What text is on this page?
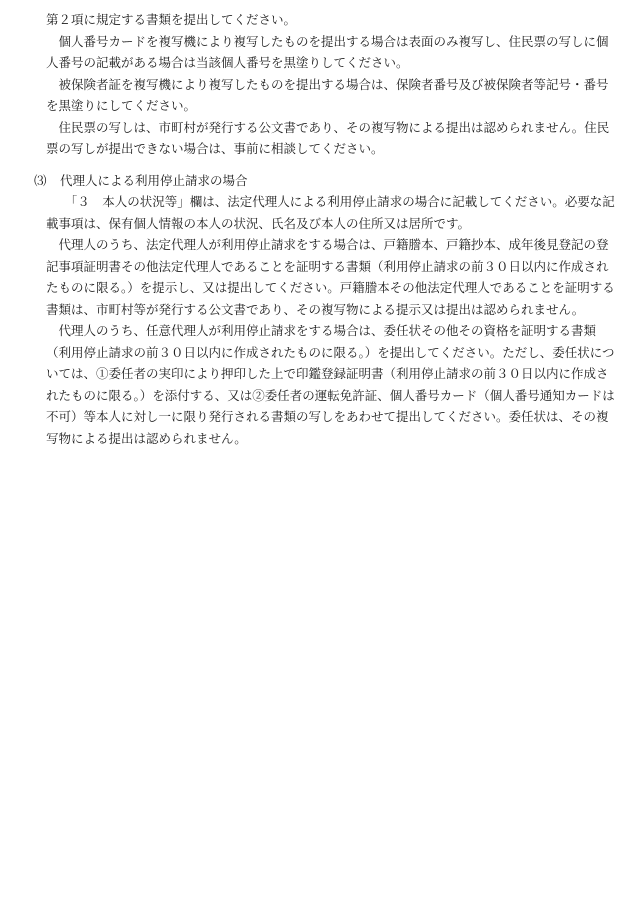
第２項に規定する書類を提出してください。

個人番号カードを複写機により複写したものを提出する場合は表面のみ複写し、住民票の写しに個人番号の記載がある場合は当該個人番号を黒塗りしてください。

被保険者証を複写機により複写したものを提出する場合は、保険者番号及び被保険者等記号・番号を黒塗りにしてください。

住民票の写しは、市町村が発行する公文書であり、その複写物による提出は認められません。住民票の写しが提出できない場合は、事前に相談してください。

⑶	代理人による利用停止請求の場合

「３　本人の状況等」欄は、法定代理人による利用停止請求の場合に記載してください。必要な記載事項は、保有個人情報の本人の状況、氏名及び本人の住所又は居所です。

代理人のうち、法定代理人が利用停止請求をする場合は、戸籍謄本、戸籍抄本、成年後見登記の登記事項証明書その他法定代理人であることを証明する書類（利用停止請求の前３０日以内に作成されたものに限る。）を提示し、又は提出してください。戸籍謄本その他法定代理人であることを証明する書類は、市町村等が発行する公文書であり、その複写物による提示又は提出は認められません。

代理人のうち、任意代理人が利用停止請求をする場合は、委任状その他その資格を証明する書類（利用停止請求の前３０日以内に作成されたものに限る。）を提出してください。ただし、委任状については、①委任者の実印により押印した上で印鑑登録証明書（利用停止請求の前３０日以内に作成されたものに限る。）を添付する、又は②委任者の運転免許証、個人番号カード（個人番号通知カードは不可）等本人に対し一に限り発行される書類の写しをあわせて提出してください。委任状は、その複写物による提出は認められません。
